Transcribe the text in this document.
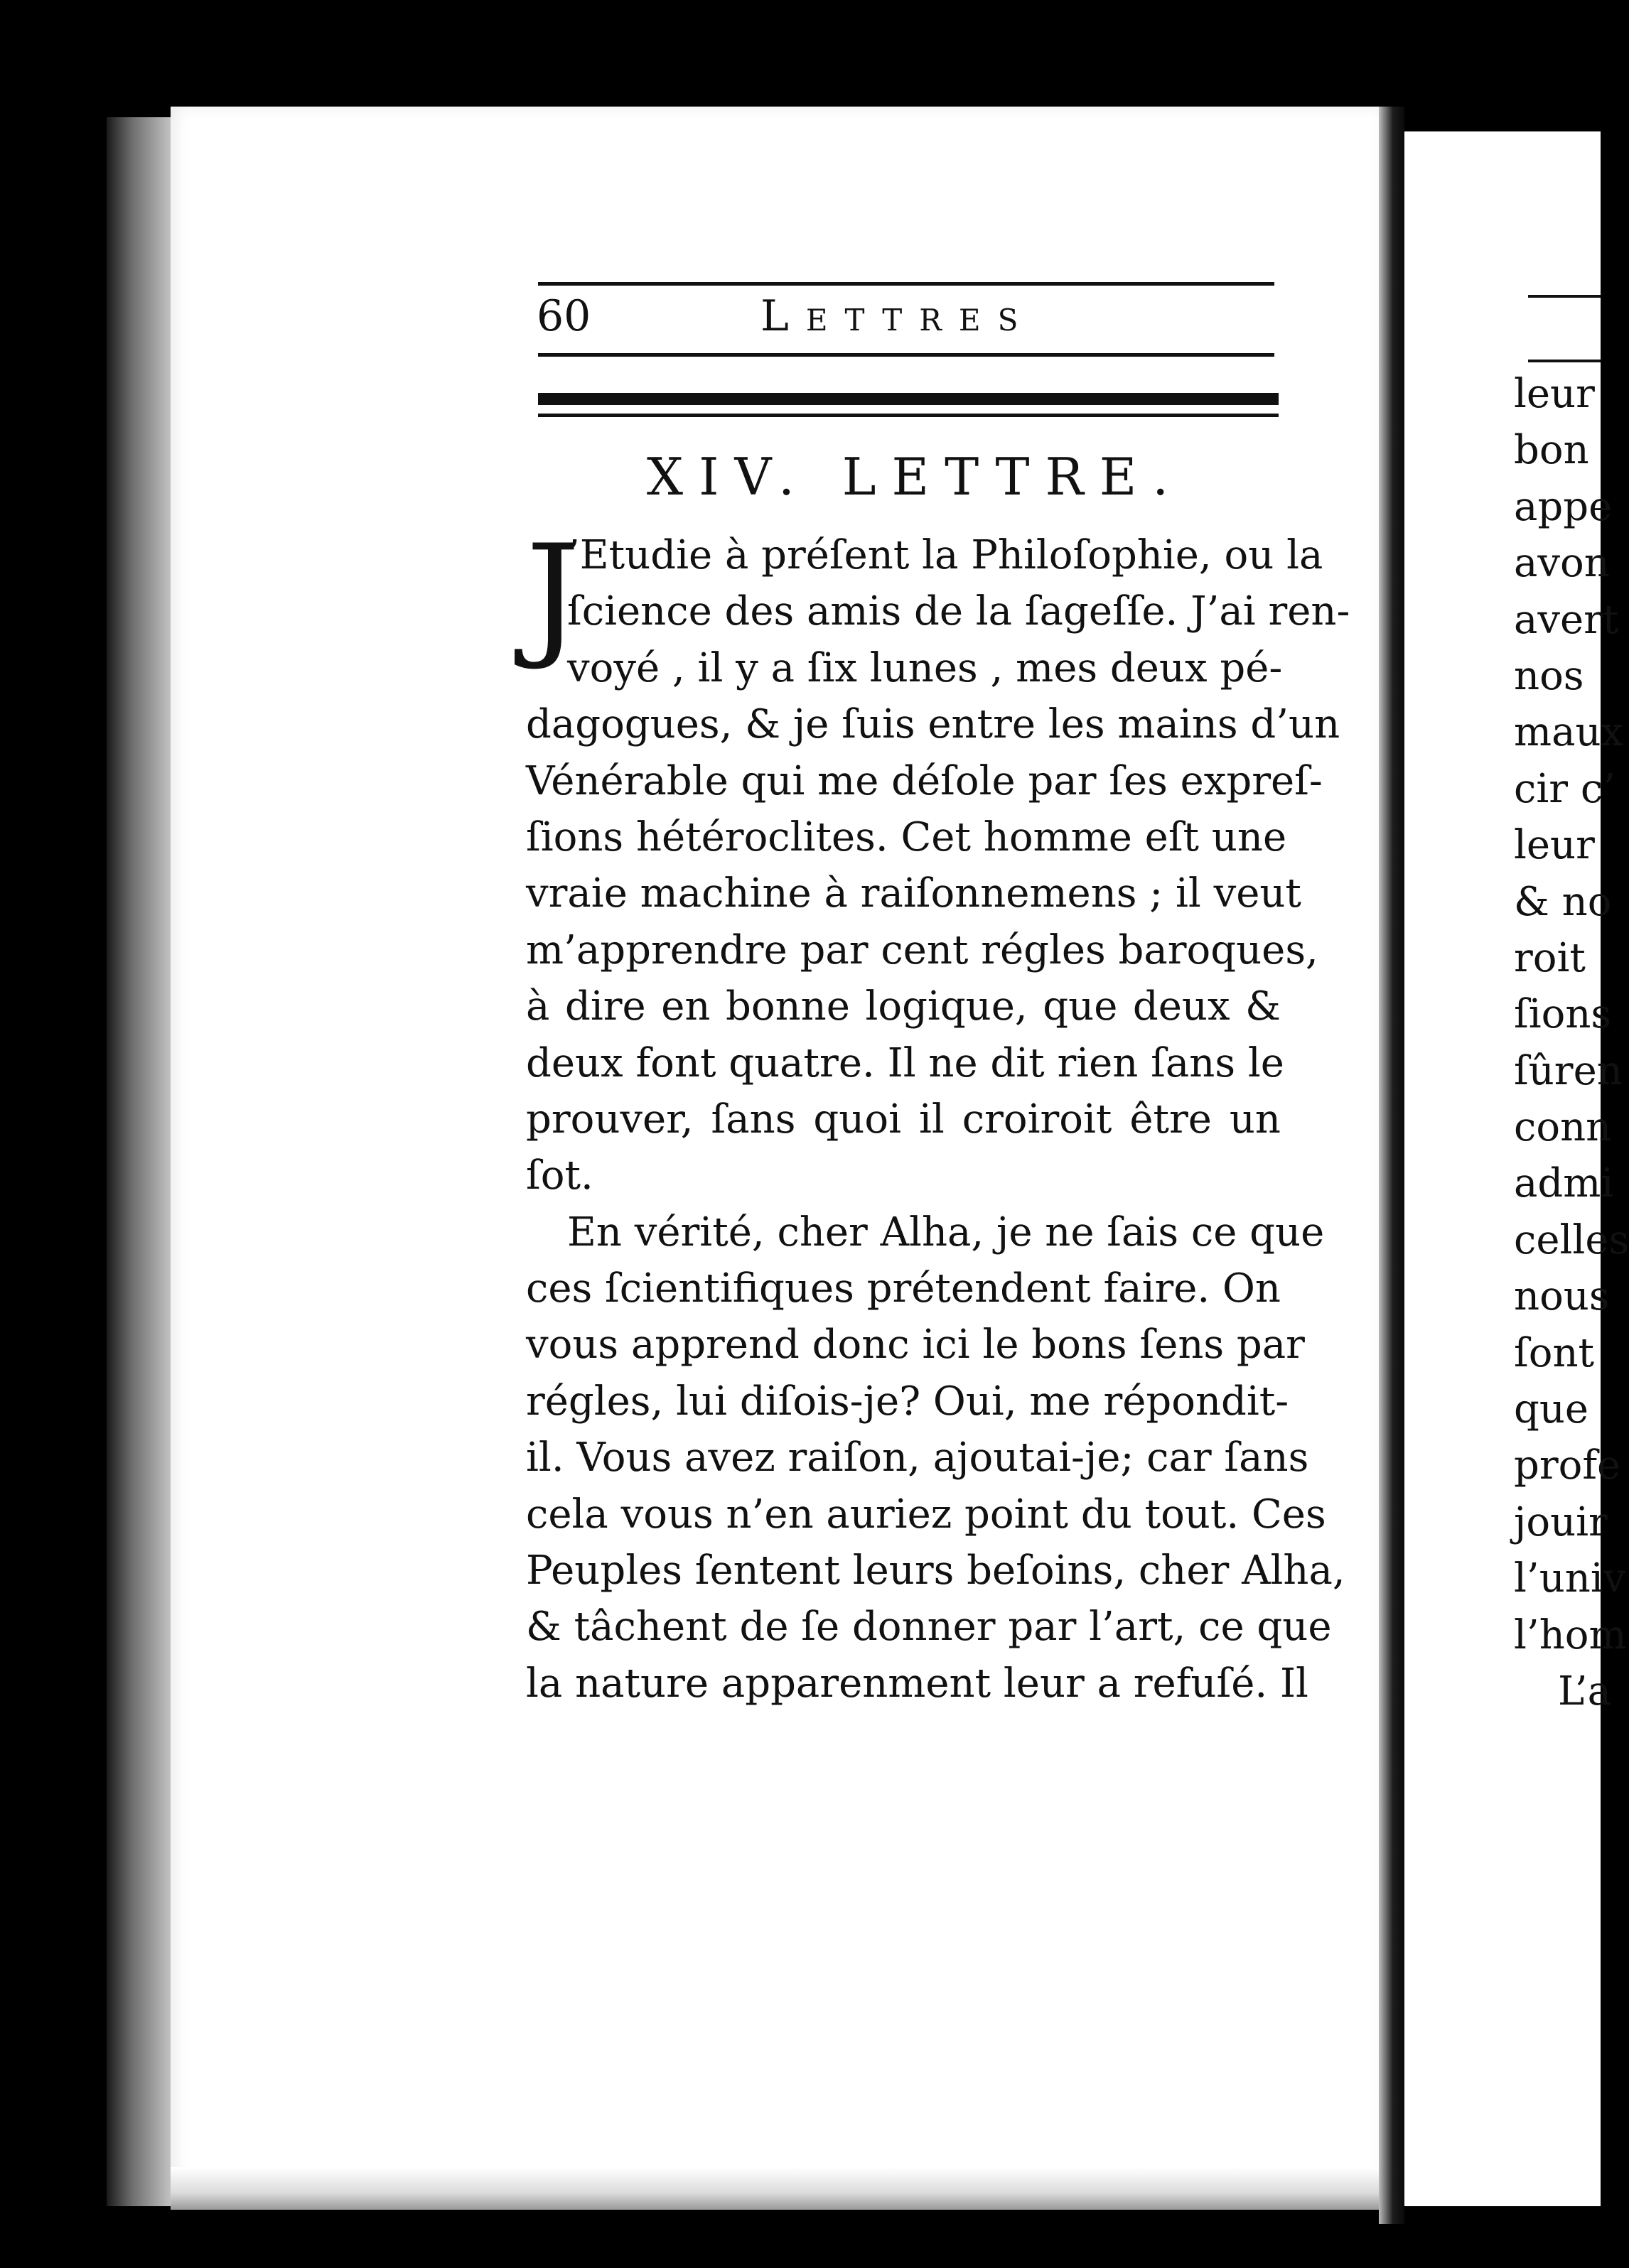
60	Lettres
XIV. LETTRE.
J
’Etudie à préſent la Philoſophie, ou la
ſcience des amis de la ſageſſe. J’ai ren-
voyé , il y a ſix lunes , mes deux pé-
dagogues, & je ſuis entre les mains d’un
Vénérable qui me déſole par ſes expreſ-
ſions hétéroclites. Cet homme eſt une
vraie machine à raiſonnemens ; il veut
m’apprendre par cent régles baroques,
à dire en bonne logique, que deux &
deux font quatre. Il ne dit rien ſans le
prouver, ſans quoi il croiroit être un
ſot.
En vérité, cher Alha, je ne ſais ce que
ces ſcientifiques prétendent faire. On
vous apprend donc ici le bons ſens par
régles, lui diſois-je? Oui, me répondit-
il. Vous avez raiſon, ajoutai-je; car ſans
cela vous n’en auriez point du tout. Ces
Peuples ſentent leurs beſoins, cher Alha,
& tâchent de ſe donner par l’art, ce que
la nature apparenment leur a refuſé. Il
leur
bon
appe
avon
avert
nos
maux
cir c’
leur
& no
roit
ſions
ſûren
conn
admi
celles
nous
ſont
que
profe
jouir
l’univ
l’hom
L’a
